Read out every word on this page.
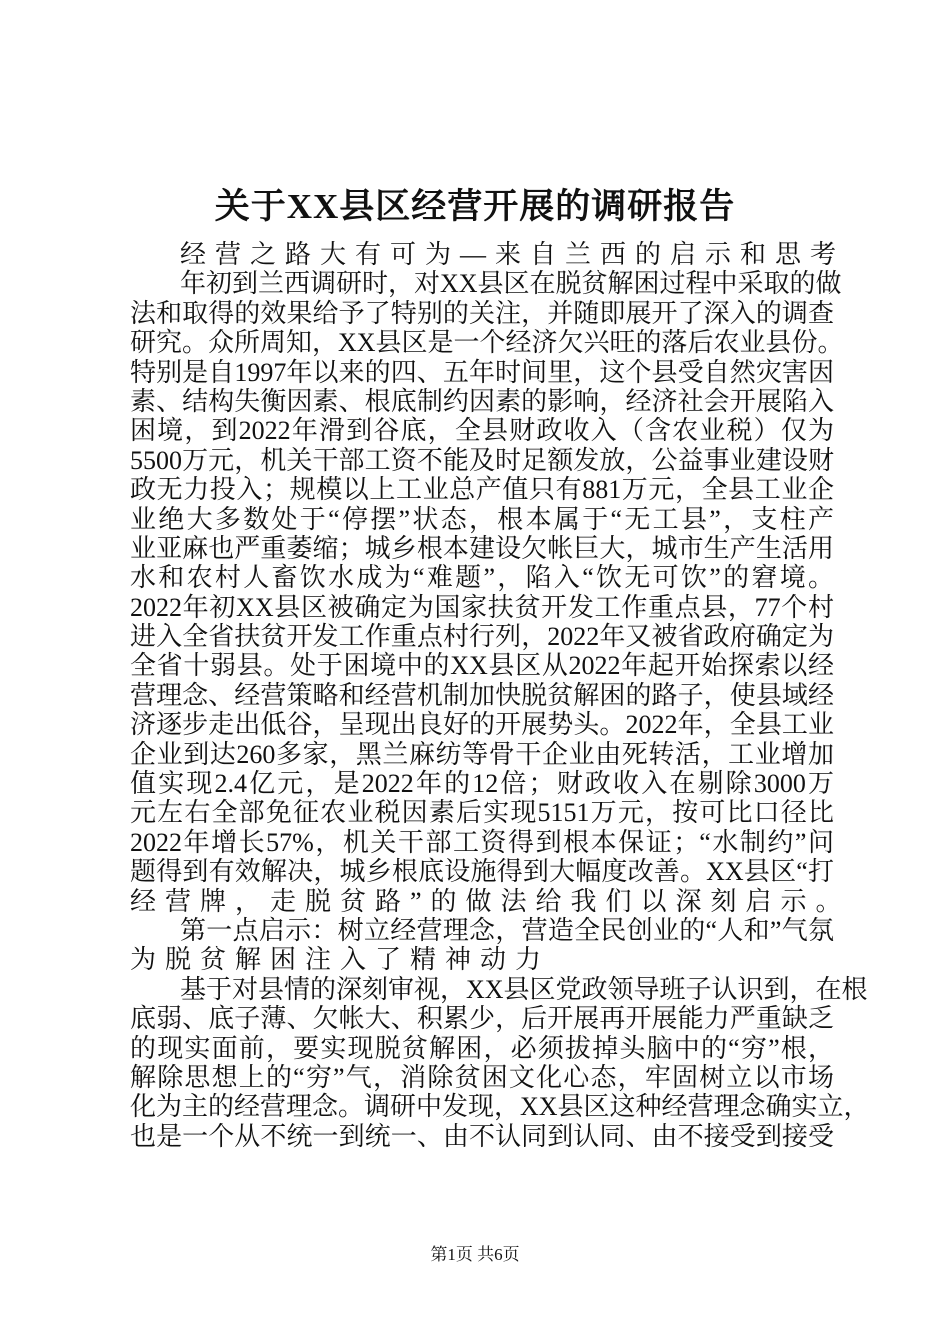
关于XX县区经营开展的调研报告
经营之路大有可为—来自兰西的启示和思考
年初到兰西调研时，对XX县区在脱贫解困过程中采取的做
法和取得的效果给予了特别的关注，并随即展开了深入的调查
研究。众所周知，XX县区是一个经济欠兴旺的落后农业县份。
特别是自1997年以来的四、五年时间里，这个县受自然灾害因
素、结构失衡因素、根底制约因素的影响，经济社会开展陷入
困境，到2022年滑到谷底，全县财政收入（含农业税）仅为
5500万元，机关干部工资不能及时足额发放，公益事业建设财
政无力投入；规模以上工业总产值只有881万元，全县工业企
业绝大多数处于“停摆”状态，根本属于“无工县”，支柱产
业亚麻也严重萎缩；城乡根本建设欠帐巨大，城市生产生活用
水和农村人畜饮水成为“难题”，陷入“饮无可饮”的窘境。
2022年初XX县区被确定为国家扶贫开发工作重点县，77个村
进入全省扶贫开发工作重点村行列，2022年又被省政府确定为
全省十弱县。处于困境中的XX县区从2022年起开始探索以经
营理念、经营策略和经营机制加快脱贫解困的路子，使县域经
济逐步走出低谷，呈现出良好的开展势头。2022年，全县工业
企业到达260多家，黑兰麻纺等骨干企业由死转活，工业增加
值实现2.4亿元，是2022年的12倍；财政收入在剔除3000万
元左右全部免征农业税因素后实现5151万元，按可比口径比
2022年增长57%，机关干部工资得到根本保证；“水制约”问
题得到有效解决，城乡根底设施得到大幅度改善。XX县区“打
经营牌，走脱贫路”的做法给我们以深刻启示。
第一点启示：树立经营理念，营造全民创业的“人和”气氛
为脱贫解困注入了精神动力
基于对县情的深刻审视，XX县区党政领导班子认识到，在根
底弱、底子薄、欠帐大、积累少，后开展再开展能力严重缺乏
的现实面前，要实现脱贫解困，必须拔掉头脑中的“穷”根，
解除思想上的“穷”气，消除贫困文化心态，牢固树立以市场
化为主的经营理念。调研中发现，XX县区这种经营理念确实立，
也是一个从不统一到统一、由不认同到认同、由不接受到接受
第1页 共6页
